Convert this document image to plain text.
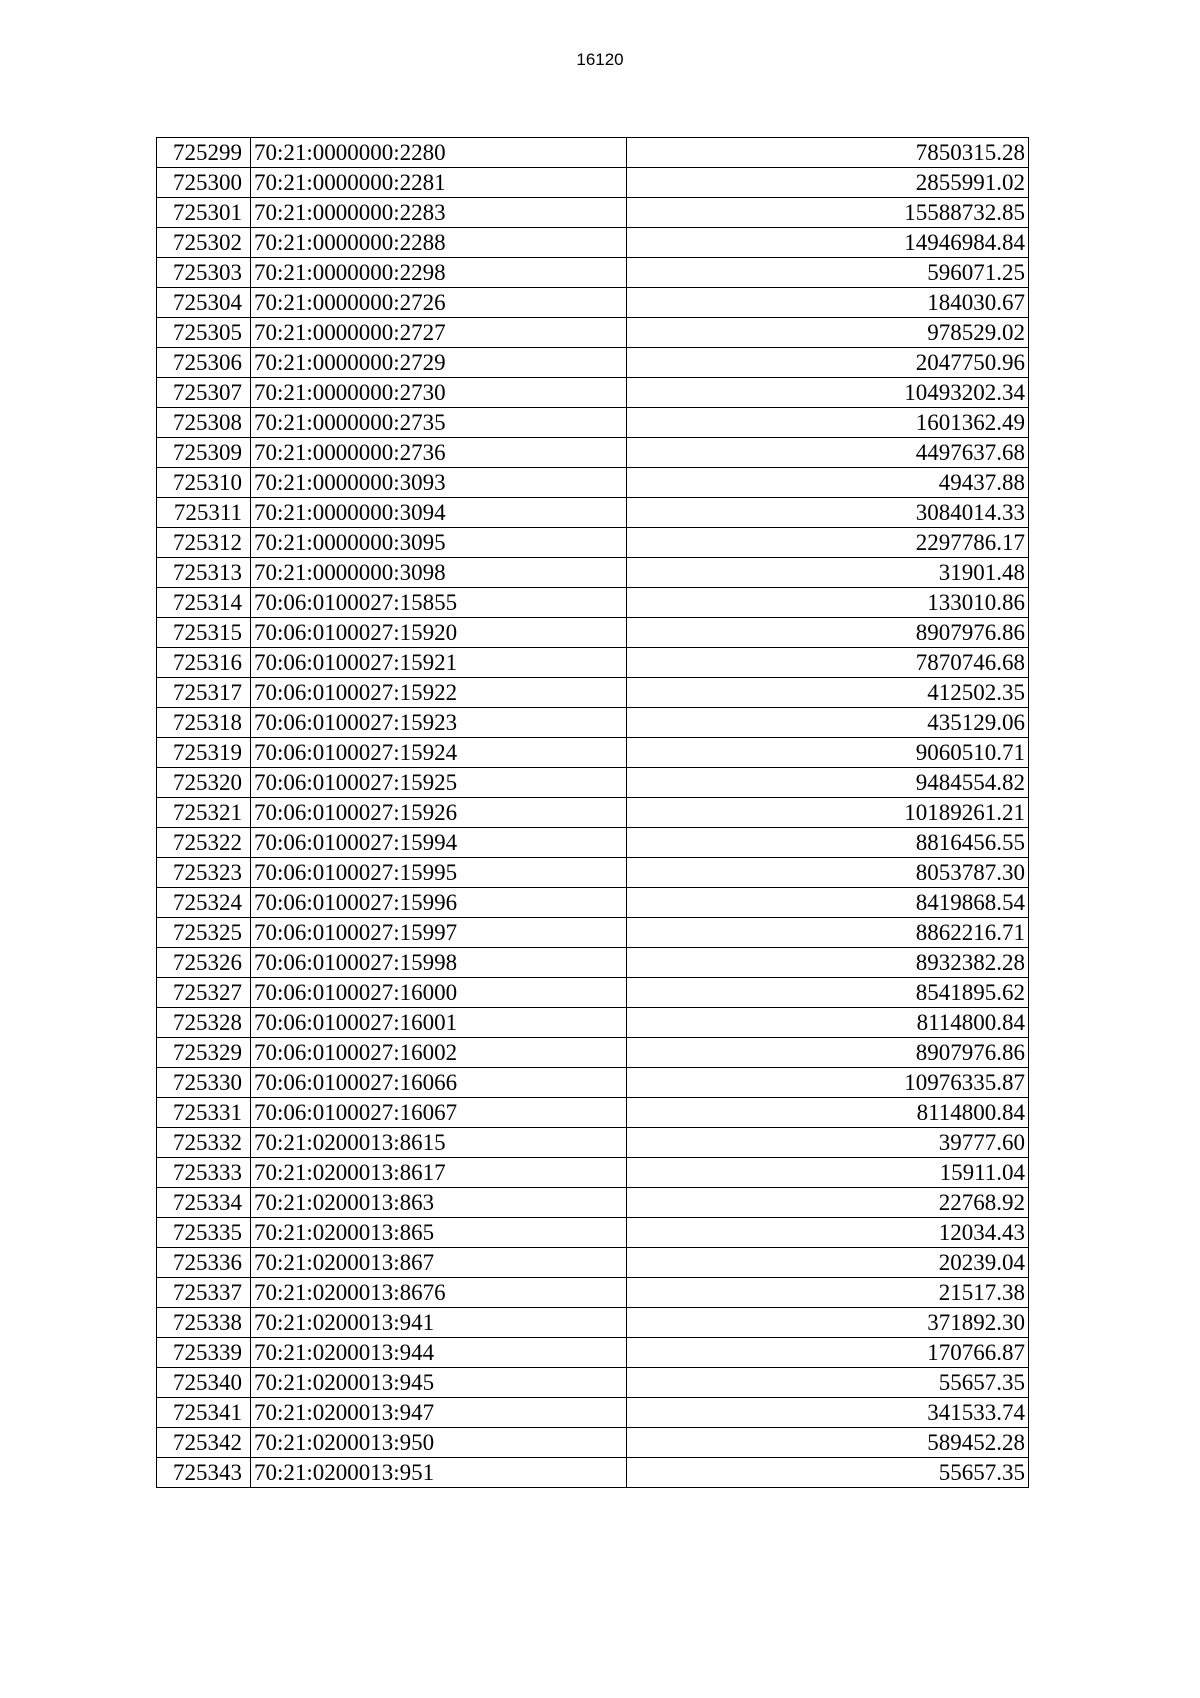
16120
725299	70:21:0000000:2280	7850315.28
725300	70:21:0000000:2281	2855991.02
725301	70:21:0000000:2283	15588732.85
725302	70:21:0000000:2288	14946984.84
725303	70:21:0000000:2298	596071.25
725304	70:21:0000000:2726	184030.67
725305	70:21:0000000:2727	978529.02
725306	70:21:0000000:2729	2047750.96
725307	70:21:0000000:2730	10493202.34
725308	70:21:0000000:2735	1601362.49
725309	70:21:0000000:2736	4497637.68
725310	70:21:0000000:3093	49437.88
725311	70:21:0000000:3094	3084014.33
725312	70:21:0000000:3095	2297786.17
725313	70:21:0000000:3098	31901.48
725314	70:06:0100027:15855	133010.86
725315	70:06:0100027:15920	8907976.86
725316	70:06:0100027:15921	7870746.68
725317	70:06:0100027:15922	412502.35
725318	70:06:0100027:15923	435129.06
725319	70:06:0100027:15924	9060510.71
725320	70:06:0100027:15925	9484554.82
725321	70:06:0100027:15926	10189261.21
725322	70:06:0100027:15994	8816456.55
725323	70:06:0100027:15995	8053787.30
725324	70:06:0100027:15996	8419868.54
725325	70:06:0100027:15997	8862216.71
725326	70:06:0100027:15998	8932382.28
725327	70:06:0100027:16000	8541895.62
725328	70:06:0100027:16001	8114800.84
725329	70:06:0100027:16002	8907976.86
725330	70:06:0100027:16066	10976335.87
725331	70:06:0100027:16067	8114800.84
725332	70:21:0200013:8615	39777.60
725333	70:21:0200013:8617	15911.04
725334	70:21:0200013:863	22768.92
725335	70:21:0200013:865	12034.43
725336	70:21:0200013:867	20239.04
725337	70:21:0200013:8676	21517.38
725338	70:21:0200013:941	371892.30
725339	70:21:0200013:944	170766.87
725340	70:21:0200013:945	55657.35
725341	70:21:0200013:947	341533.74
725342	70:21:0200013:950	589452.28
725343	70:21:0200013:951	55657.35
